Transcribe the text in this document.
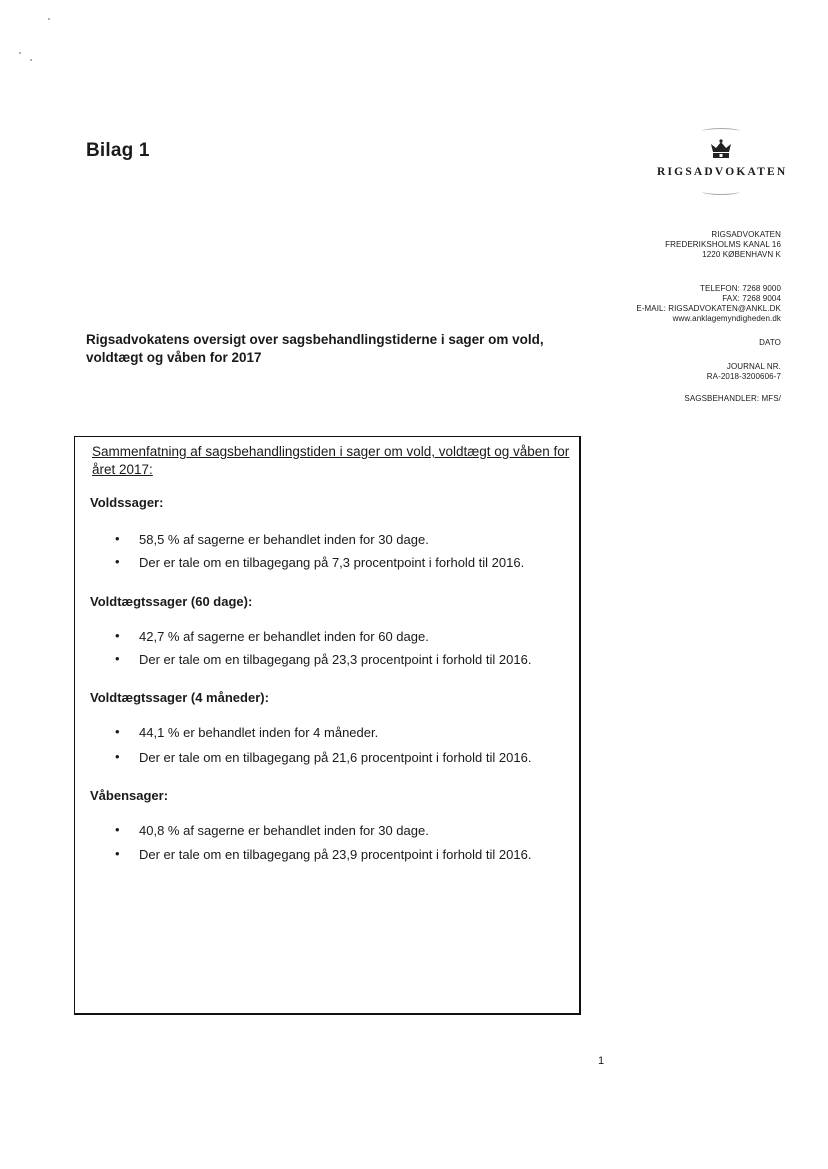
Bilag 1
RIGSADVOKATEN
RIGSADVOKATEN
FREDERIKSHOLMS KANAL 16
1220 KØBENHAVN K
TELEFON: 7268 9000
FAX: 7268 9004
E-MAIL: RIGSADVOKATEN@ANKL.DK
www.anklagemyndigheden.dk
DATO
JOURNAL NR.
RA-2018-3200606-7
SAGSBEHANDLER: MFS/
Rigsadvokatens oversigt over sagsbehandlingstiderne i sager om vold, voldtægt og våben for 2017
Sammenfatning af sagsbehandlingstiden i sager om vold, voldtægt og våben for året 2017:
Voldssager:
• 58,5 % af sagerne er behandlet inden for 30 dage.
• Der er tale om en tilbagegang på 7,3 procentpoint i forhold til 2016.
Voldtægtssager (60 dage):
• 42,7 % af sagerne er behandlet inden for 60 dage.
• Der er tale om en tilbagegang på 23,3 procentpoint i forhold til 2016.
Voldtægtssager (4 måneder):
• 44,1 % er behandlet inden for 4 måneder.
• Der er tale om en tilbagegang på 21,6 procentpoint i forhold til 2016.
Våbensager:
• 40,8 % af sagerne er behandlet inden for 30 dage.
• Der er tale om en tilbagegang på 23,9 procentpoint i forhold til 2016.
1
